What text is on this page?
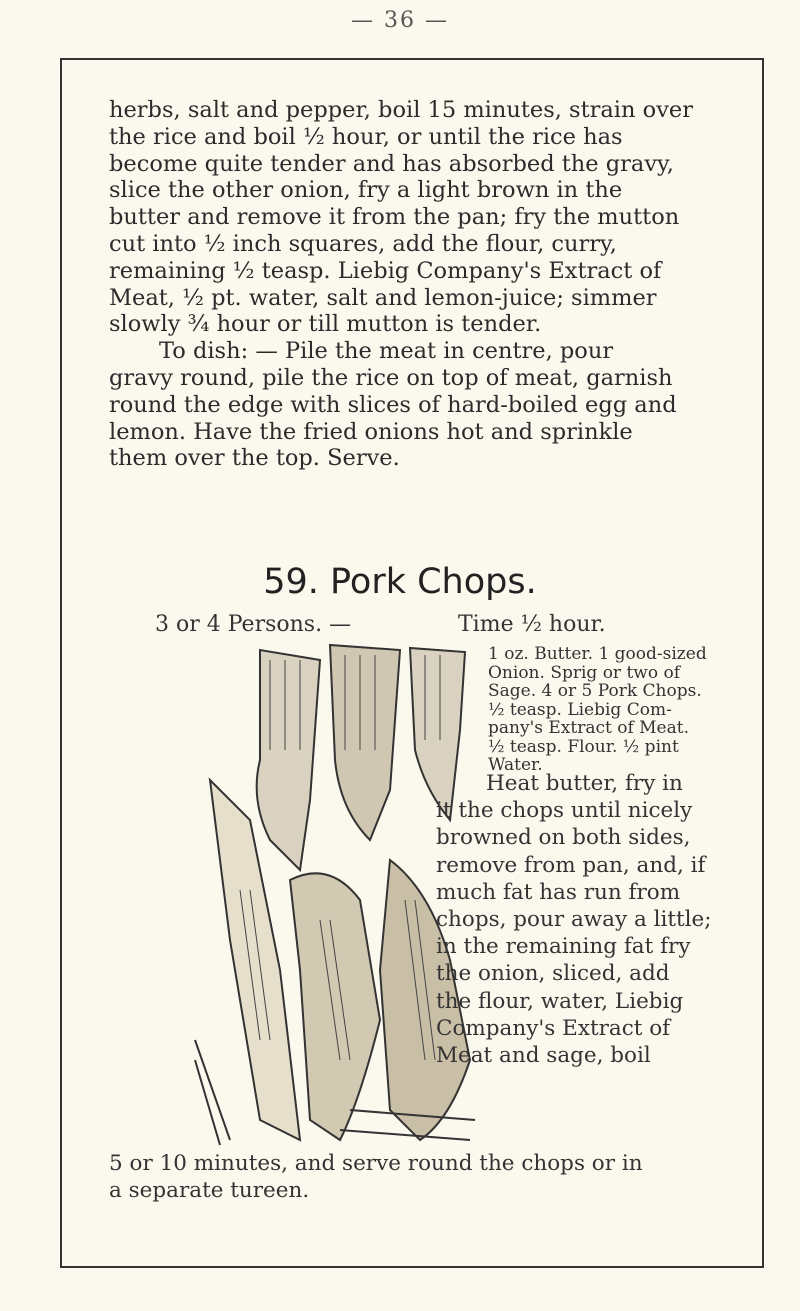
— 36 —
herbs, salt and pepper, boil 15 minutes, strain over
the rice and boil ½ hour, or until the rice has
become quite tender and has absorbed the gravy,
slice the other onion, fry a light brown in the
butter and remove it from the pan; fry the mutton
cut into ½ inch squares, add the flour, curry,
remaining ½ teasp. Liebig Company's Extract of
Meat, ½ pt. water, salt and lemon-juice; simmer
slowly ¾ hour or till mutton is tender.
To dish: — Pile the meat in centre, pour
gravy round, pile the rice on top of meat, garnish
round the edge with slices of hard-boiled egg and
lemon. Have the fried onions hot and sprinkle
them over the top. Serve.
59. Pork Chops.
3 or 4 Persons. —	Time ½ hour.
1 oz. Butter. 1 good-sized
Onion. Sprig or two of
Sage. 4 or 5 Pork Chops.
½ teasp. Liebig Com-
pany's Extract of Meat.
½ teasp. Flour. ½ pint
Water.
Heat butter, fry in
it the chops until nicely
browned on both sides,
remove from pan, and, if
much fat has run from
chops, pour away a little;
in the remaining fat fry
the onion, sliced, add
the flour, water, Liebig
Company's Extract of
Meat and sage, boil
5 or 10 minutes, and serve round the chops or in
a separate tureen.
